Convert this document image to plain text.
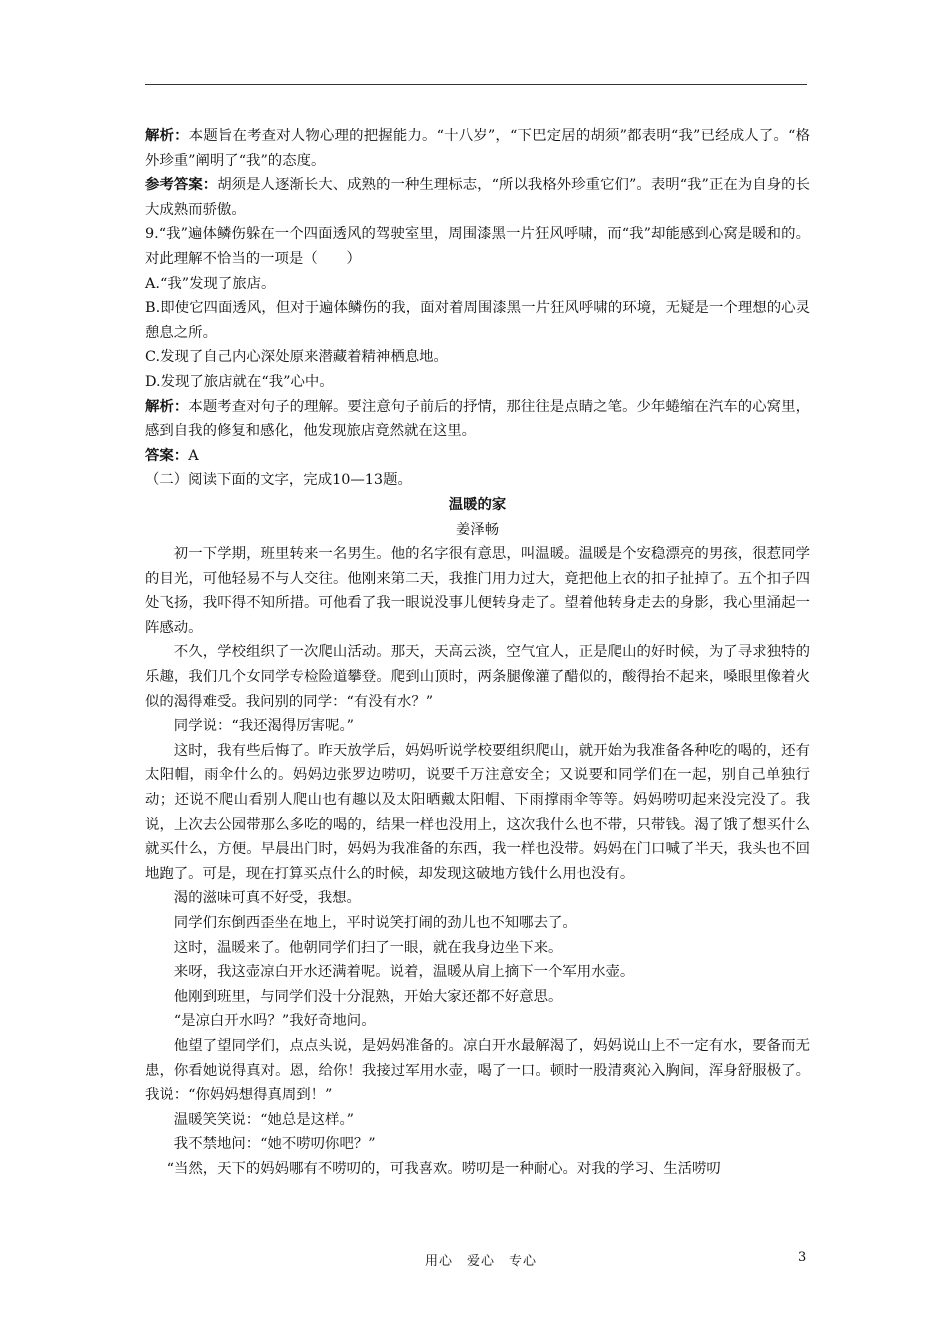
解析：本题旨在考查对人物心理的把握能力。“十八岁”，“下巴定居的胡须”都表明“我”已经成人了。“格外珍重”阐明了“我”的态度。

参考答案：胡须是人逐渐长大、成熟的一种生理标志，“所以我格外珍重它们”。表明“我”正在为自身的长大成熟而骄傲。

9.“我”遍体鳞伤躲在一个四面透风的驾驶室里，周围漆黑一片狂风呼啸，而“我”却能感到心窝是暖和的。对此理解不恰当的一项是（　　）

A.“我”发现了旅店。

B.即使它四面透风，但对于遍体鳞伤的我，面对着周围漆黑一片狂风呼啸的环境，无疑是一个理想的心灵憩息之所。

C.发现了自己内心深处原来潜藏着精神栖息地。

D.发现了旅店就在“我”心中。

解析：本题考查对句子的理解。要注意句子前后的抒情，那往往是点睛之笔。少年蜷缩在汽车的心窝里，感到自我的修复和感化，他发现旅店竟然就在这里。

答案：A

（二）阅读下面的文字，完成10—13题。

温暖的家

姜泽畅

初一下学期，班里转来一名男生。他的名字很有意思，叫温暖。温暖是个安稳漂亮的男孩，很惹同学的目光，可他轻易不与人交往。他刚来第二天，我推门用力过大，竟把他上衣的扣子扯掉了。五个扣子四处飞扬，我吓得不知所措。可他看了我一眼说没事儿便转身走了。望着他转身走去的身影，我心里涌起一阵感动。

不久，学校组织了一次爬山活动。那天，天高云淡，空气宜人，正是爬山的好时候，为了寻求独特的乐趣，我们几个女同学专检险道攀登。爬到山顶时，两条腿像灌了醋似的，酸得抬不起来，嗓眼里像着火似的渴得难受。我问别的同学：“有没有水？”

同学说：“我还渴得厉害呢。”

这时，我有些后悔了。昨天放学后，妈妈听说学校要组织爬山，就开始为我准备各种吃的喝的，还有太阳帽，雨伞什么的。妈妈边张罗边唠叨，说要千万注意安全；又说要和同学们在一起，别自己单独行动；还说不爬山看别人爬山也有趣以及太阳晒戴太阳帽、下雨撑雨伞等等。妈妈唠叨起来没完没了。我说，上次去公园带那么多吃的喝的，结果一样也没用上，这次我什么也不带，只带钱。渴了饿了想买什么就买什么，方便。早晨出门时，妈妈为我准备的东西，我一样也没带。妈妈在门口喊了半天，我头也不回地跑了。可是，现在打算买点什么的时候，却发现这破地方钱什么用也没有。

渴的滋味可真不好受，我想。

同学们东倒西歪坐在地上，平时说笑打闹的劲儿也不知哪去了。

这时，温暖来了。他朝同学们扫了一眼，就在我身边坐下来。

来呀，我这壶凉白开水还满着呢。说着，温暖从肩上摘下一个军用水壶。

他刚到班里，与同学们没十分混熟，开始大家还都不好意思。

“是凉白开水吗？”我好奇地问。

他望了望同学们，点点头说，是妈妈准备的。凉白开水最解渴了，妈妈说山上不一定有水，要备而无患，你看她说得真对。恩，给你！我接过军用水壶，喝了一口。顿时一股清爽沁入胸间，浑身舒服极了。我说：“你妈妈想得真周到！”

温暖笑笑说：“她总是这样。”

我不禁地问：“她不唠叨你吧？”

“当然，天下的妈妈哪有不唠叨的，可我喜欢。唠叨是一种耐心。对我的学习、生活唠叨

用心　爱心　专心	3
